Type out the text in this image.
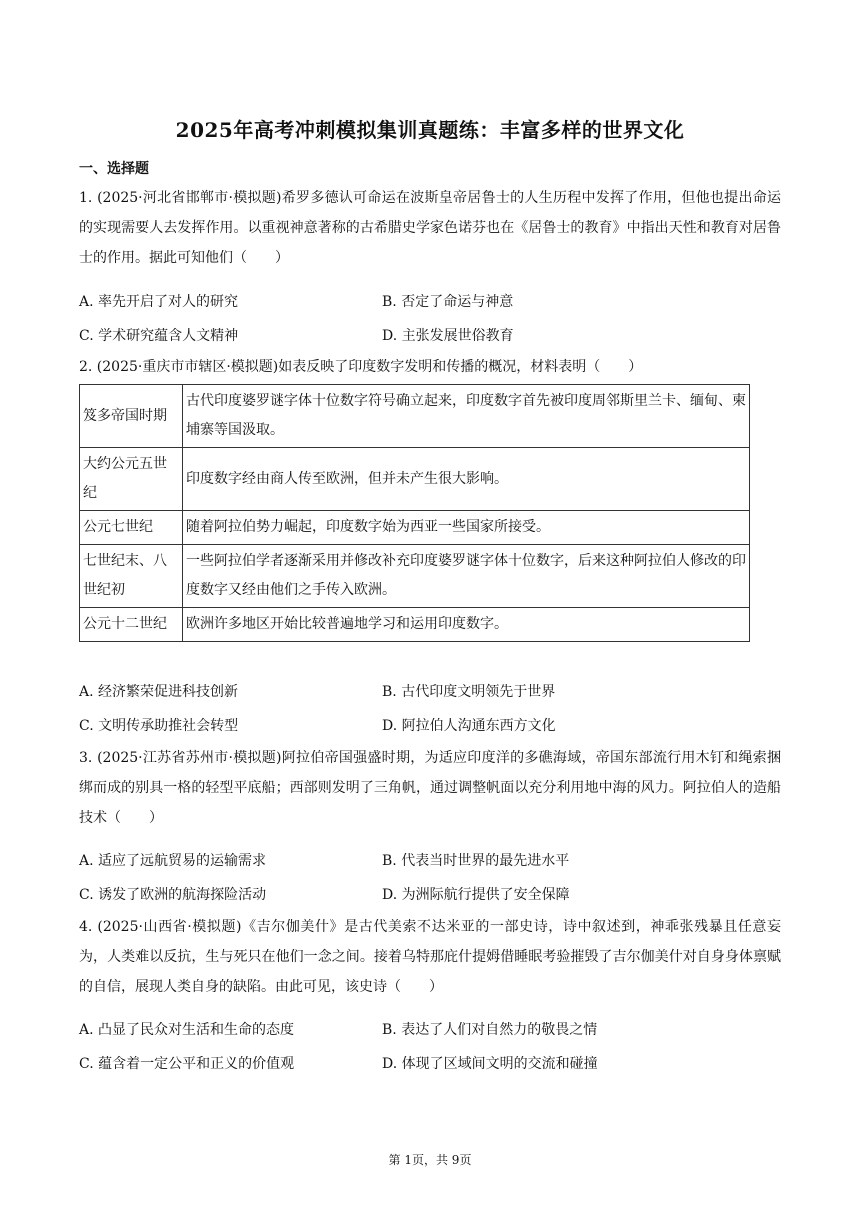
2025年高考冲刺模拟集训真题练：丰富多样的世界文化
一、选择题
1. (2025·河北省邯郸市·模拟题)希罗多德认可命运在波斯皇帝居鲁士的人生历程中发挥了作用，但他也提出命运的实现需要人去发挥作用。以重视神意著称的古希腊史学家色诺芬也在《居鲁士的教育》中指出天性和教育对居鲁士的作用。据此可知他们（　　）
A. 率先开启了对人的研究	B. 否定了命运与神意
C. 学术研究蕴含人文精神	D. 主张发展世俗教育
2. (2025·重庆市市辖区·模拟题)如表反映了印度数字发明和传播的概况，材料表明（　　）
笈多帝国时期	古代印度婆罗谜字体十位数字符号确立起来，印度数字首先被印度周邻斯里兰卡、缅甸、柬埔寨等国汲取。
大约公元五世纪	印度数字经由商人传至欧洲，但并未产生很大影响。
公元七世纪	随着阿拉伯势力崛起，印度数字始为西亚一些国家所接受。
七世纪末、八世纪初	一些阿拉伯学者逐渐采用并修改补充印度婆罗谜字体十位数字，后来这种阿拉伯人修改的印度数字又经由他们之手传入欧洲。
公元十二世纪	欧洲许多地区开始比较普遍地学习和运用印度数字。
A. 经济繁荣促进科技创新	B. 古代印度文明领先于世界
C. 文明传承助推社会转型	D. 阿拉伯人沟通东西方文化
3. (2025·江苏省苏州市·模拟题)阿拉伯帝国强盛时期，为适应印度洋的多礁海域，帝国东部流行用木钉和绳索捆绑而成的别具一格的轻型平底船；西部则发明了三角帆，通过调整帆面以充分利用地中海的风力。阿拉伯人的造船技术（　　）
A. 适应了远航贸易的运输需求	B. 代表当时世界的最先进水平
C. 诱发了欧洲的航海探险活动	D. 为洲际航行提供了安全保障
4. (2025·山西省·模拟题)《吉尔伽美什》是古代美索不达米亚的一部史诗，诗中叙述到，神乖张残暴且任意妄为，人类难以反抗，生与死只在他们一念之间。接着乌特那庇什提姆借睡眠考验摧毁了吉尔伽美什对自身身体禀赋的自信，展现人类自身的缺陷。由此可见，该史诗（　　）
A. 凸显了民众对生活和生命的态度	B. 表达了人们对自然力的敬畏之情
C. 蕴含着一定公平和正义的价值观	D. 体现了区域间文明的交流和碰撞
第 1页，共 9页
